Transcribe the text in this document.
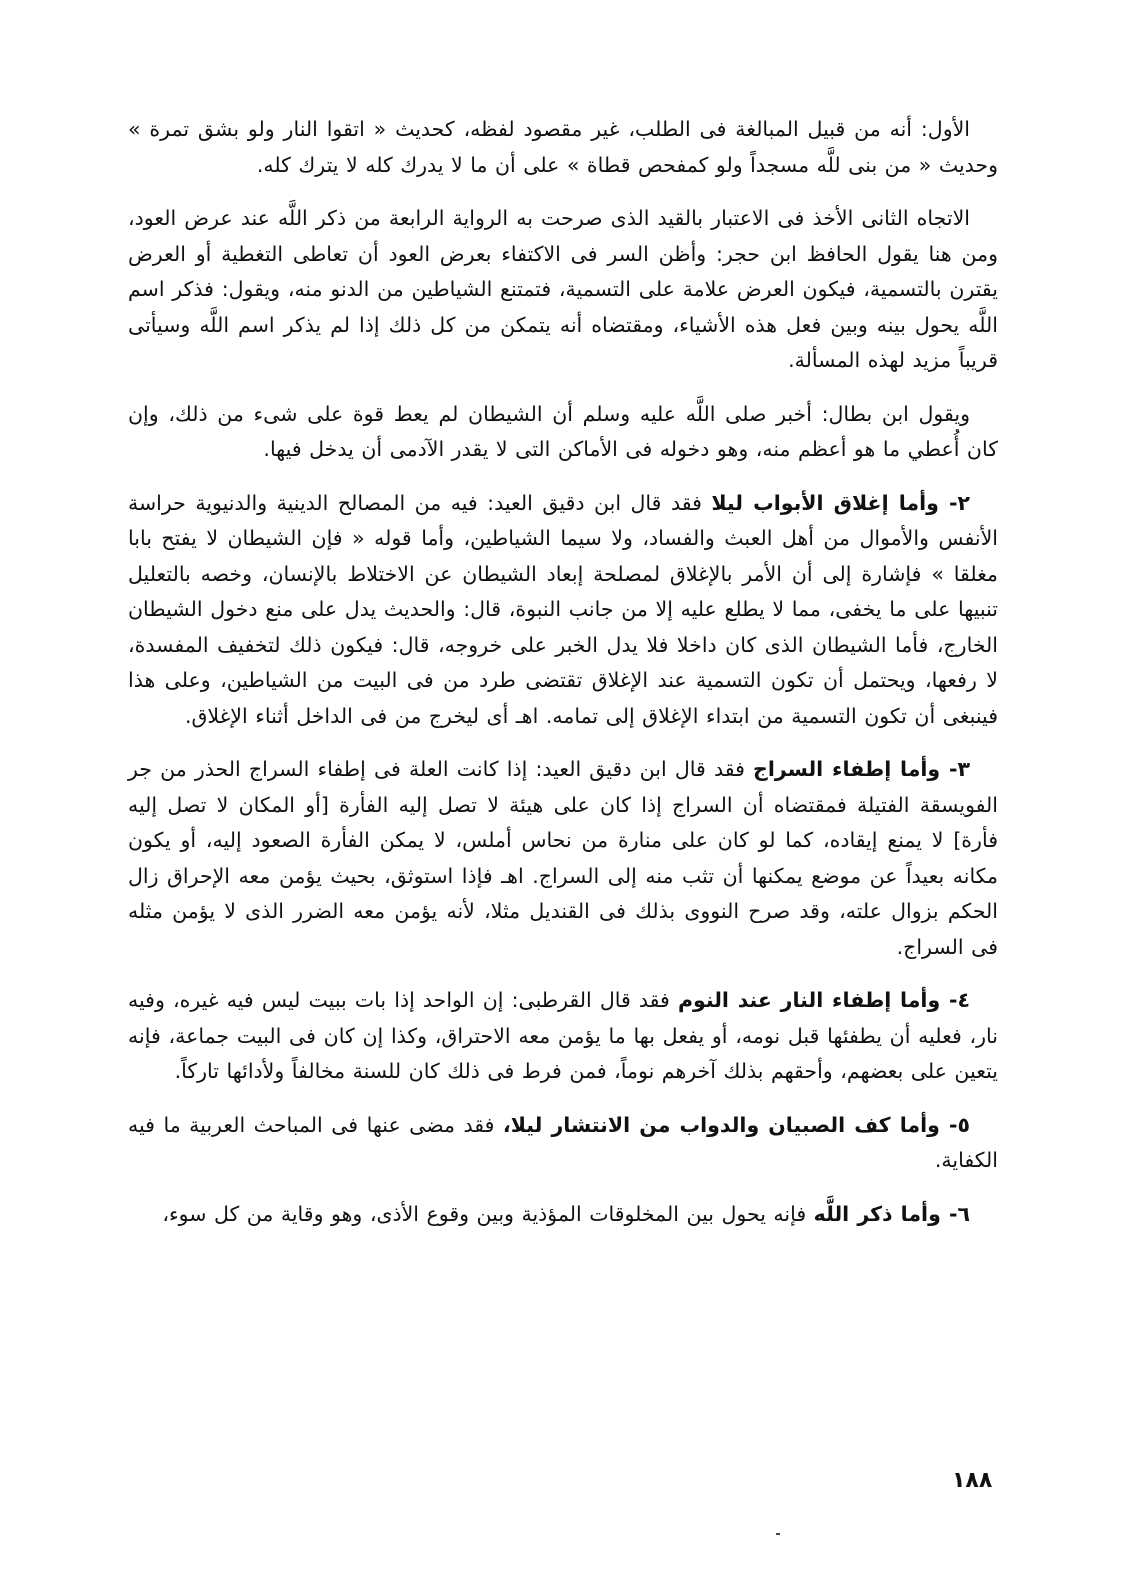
الأول: أنه من قبيل المبالغة فى الطلب، غير مقصود لفظه، كحديث « اتقوا النار ولو بشق تمرة » وحديث « من بنى للَّه مسجداً ولو كمفحص قطاة » على أن ما لا يدرك كله لا يترك كله.

الاتجاه الثانى الأخذ فى الاعتبار بالقيد الذى صرحت به الرواية الرابعة من ذكر اللَّه عند عرض العود، ومن هنا يقول الحافظ ابن حجر: وأظن السر فى الاكتفاء بعرض العود أن تعاطى التغطية أو العرض يقترن بالتسمية، فيكون العرض علامة على التسمية، فتمتنع الشياطين من الدنو منه، ويقول: فذكر اسم اللَّه يحول بينه وبين فعل هذه الأشياء، ومقتضاه أنه يتمكن من كل ذلك إذا لم يذكر اسم اللَّه وسيأتى قريباً مزيد لهذه المسألة.

ويقول ابن بطال: أخبر صلى اللَّه عليه وسلم أن الشيطان لم يعط قوة على شىء من ذلك، وإن كان أُعطي ما هو أعظم منه، وهو دخوله فى الأماكن التى لا يقدر الآدمى أن يدخل فيها.

٢- وأما إغلاق الأبواب ليلا فقد قال ابن دقيق العيد: فيه من المصالح الدينية والدنيوية حراسة الأنفس والأموال من أهل العبث والفساد، ولا سيما الشياطين، وأما قوله « فإن الشيطان لا يفتح بابا مغلقا » فإشارة إلى أن الأمر بالإغلاق لمصلحة إبعاد الشيطان عن الاختلاط بالإنسان، وخصه بالتعليل تنبيها على ما يخفى، مما لا يطلع عليه إلا من جانب النبوة، قال: والحديث يدل على منع دخول الشيطان الخارج، فأما الشيطان الذى كان داخلا فلا يدل الخبر على خروجه، قال: فيكون ذلك لتخفيف المفسدة، لا رفعها، ويحتمل أن تكون التسمية عند الإغلاق تقتضى طرد من فى البيت من الشياطين، وعلى هذا فينبغى أن تكون التسمية من ابتداء الإغلاق إلى تمامه. اهـ أى ليخرج من فى الداخل أثناء الإغلاق.

٣- وأما إطفاء السراج فقد قال ابن دقيق العيد: إذا كانت العلة فى إطفاء السراج الحذر من جر الفويسقة الفتيلة فمقتضاه أن السراج إذا كان على هيئة لا تصل إليه الفأرة [أو المكان لا تصل إليه فأرة] لا يمنع إيقاده، كما لو كان على منارة من نحاس أملس، لا يمكن الفأرة الصعود إليه، أو يكون مكانه بعيداً عن موضع يمكنها أن تثب منه إلى السراج. اهـ فإذا استوثق، بحيث يؤمن معه الإحراق زال الحكم بزوال علته، وقد صرح النووى بذلك فى القنديل مثلا، لأنه يؤمن معه الضرر الذى لا يؤمن مثله فى السراج.

٤- وأما إطفاء النار عند النوم فقد قال القرطبى: إن الواحد إذا بات ببيت ليس فيه غيره، وفيه نار، فعليه أن يطفئها قبل نومه، أو يفعل بها ما يؤمن معه الاحتراق، وكذا إن كان فى البيت جماعة، فإنه يتعين على بعضهم، وأحقهم بذلك آخرهم نوماً، فمن فرط فى ذلك كان للسنة مخالفاً ولأدائها تاركاً.

٥- وأما كف الصبيان والدواب من الانتشار ليلا، فقد مضى عنها فى المباحث العربية ما فيه الكفاية.

٦- وأما ذكر اللَّه فإنه يحول بين المخلوقات المؤذية وبين وقوع الأذى، وهو وقاية من كل سوء،

١٨٨
